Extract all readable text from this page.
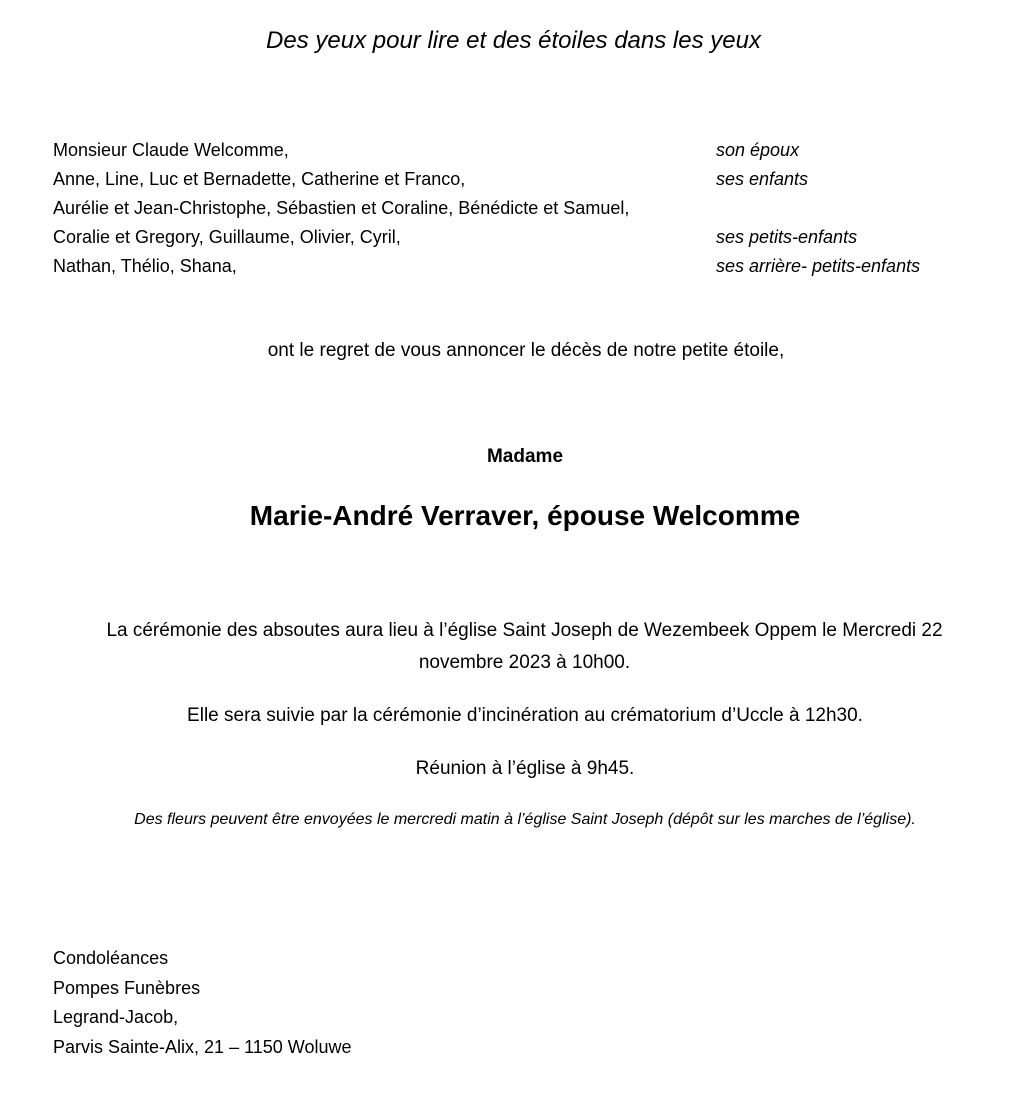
Des yeux pour lire et des étoiles dans les yeux
Monsieur Claude Welcomme,	son époux
Anne, Line, Luc et Bernadette, Catherine et Franco,	ses enfants
Aurélie et Jean-Christophe, Sébastien et Coraline, Bénédicte et Samuel,
Coralie et Gregory, Guillaume, Olivier, Cyril,	ses petits-enfants
Nathan, Thélio, Shana,	ses arrière- petits-enfants
ont le regret de vous annoncer le décès de notre petite étoile,
Madame
Marie-André Verraver, épouse Welcomme
La cérémonie des absoutes aura lieu à l’église Saint Joseph de Wezembeek Oppem le Mercredi 22 novembre 2023 à 10h00.
Elle sera suivie par la cérémonie d’incinération au crématorium d’Uccle à 12h30.
Réunion à l’église à 9h45.
Des fleurs peuvent être envoyées le mercredi matin à l’église Saint Joseph (dépôt sur les marches de l’église).
Condoléances
Pompes Funèbres
Legrand-Jacob,
Parvis Sainte-Alix, 21 – 1150 Woluwe
